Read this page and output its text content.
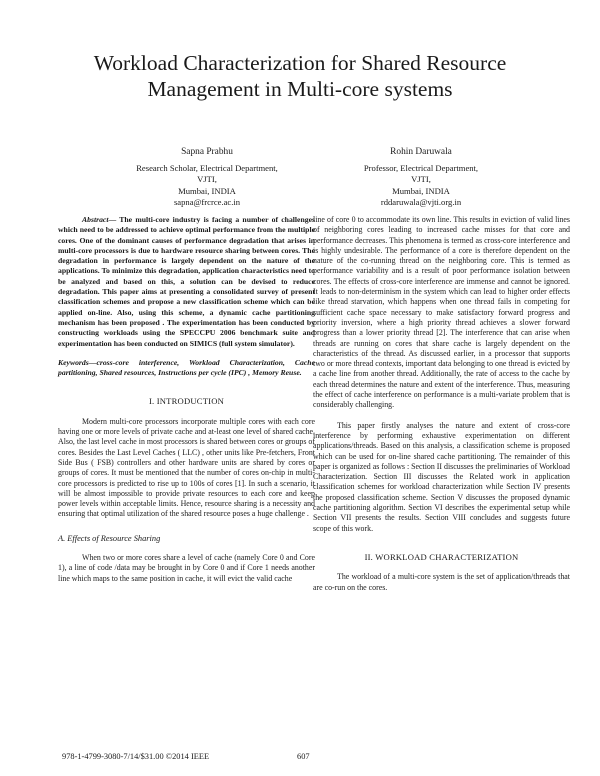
Workload Characterization for Shared Resource Management in Multi-core systems
Sapna Prabhu
Research Scholar, Electrical Department,
VJTI,
Mumbai, INDIA
sapna@frcrce.ac.in
Rohin Daruwala
Professor, Electrical Department,
VJTI,
Mumbai, INDIA
rddaruwala@vjti.org.in

Abstract— The multi-core industry is facing a number of challenges which need to be addressed to achieve optimal performance from the multiple cores. One of the dominant causes of performance degradation that arises in multi-core processors is due to hardware resource sharing between cores. The degradation in performance is largely dependent on the nature of the applications. To minimize this degradation, application characteristics need to be analyzed and based on this, a solution can be devised to reduce degradation. This paper aims at presenting a consolidated survey of present classification schemes and propose a new classification scheme which can be applied on-line. Also, using this scheme, a dynamic cache partitioning mechanism has been proposed . The experimentation has been conducted by constructing workloads using the SPECCPU 2006 benchmark suite and experimentation has been conducted on SIMICS (full system simulator).

Keywords—cross-core interference, Workload Characterization, Cache partitioning, Shared resources, Instructions per cycle (IPC) , Memory Reuse.

I. INTRODUCTION

Modern multi-core processors incorporate multiple cores with each core having one or more levels of private cache and at-least one level of shared cache. Also, the last level cache in most processors is shared between cores or groups of cores. Besides the Last Level Caches ( LLC) , other units like Pre-fetchers, Front Side Bus ( FSB) controllers and other hardware units are shared by cores or groups of cores. It must be mentioned that the number of cores on-chip in multi-core processors is predicted to rise up to 100s of cores [1]. In such a scenario, it will be almost impossible to provide private resources to each core and keep power levels within acceptable limits. Hence, resource sharing is a necessity and ensuring that optimal utilization of the shared resource poses a huge challenge .

A. Effects of Resource Sharing

When two or more cores share a level of cache (namely Core 0 and Core 1), a line of code /data may be brought in by Core 0 and if Core 1 needs another line which maps to the same position in cache, it will evict the valid cache

line of core 0 to accommodate its own line. This results in eviction of valid lines of neighboring cores leading to increased cache misses for that core and performance decreases. This phenomena is termed as cross-core interference and is highly undesirable. The performance of a core is therefore dependent on the nature of the co-running thread on the neighboring core. This is termed as performance variability and is a result of poor performance isolation between cores. The effects of cross-core interference are immense and cannot be ignored. It leads to non-determinism in the system which can lead to higher order effects like thread starvation, which happens when one thread fails in competing for sufficient cache space necessary to make satisfactory forward progress and priority inversion, where a high priority thread achieves a slower forward progress than a lower priority thread [2]. The interference that can arise when threads are running on cores that share cache is largely dependent on the characteristics of the thread. As discussed earlier, in a processor that supports two or more thread contexts, important data belonging to one thread is evicted by a cache line from another thread. Additionally, the rate of access to the cache by each thread determines the nature and extent of the interference. Thus, measuring the effect of cache interference on performance is a multi-variate problem that is considerably challenging.

This paper firstly analyses the nature and extent of cross-core interference by performing exhaustive experimentation on different applications/threads. Based on this analysis, a classification scheme is proposed which can be used for on-line shared cache partitioning. The remainder of this paper is organized as follows : Section II discusses the preliminaries of Workload Characterization. Section III discusses the Related work in application classification schemes for workload characterization while Section IV presents the proposed classification scheme. Section V discusses the proposed dynamic cache partitioning algorithm. Section VI describes the experimental setup while Section VII presents the results. Section VIII concludes and suggests future scope of this work.

II. WORKLOAD CHARACTERIZATION

The workload of a multi-core system is the set of application/threads that are co-run on the cores.

978-1-4799-3080-7/14/$31.00 ©2014 IEEE	607
